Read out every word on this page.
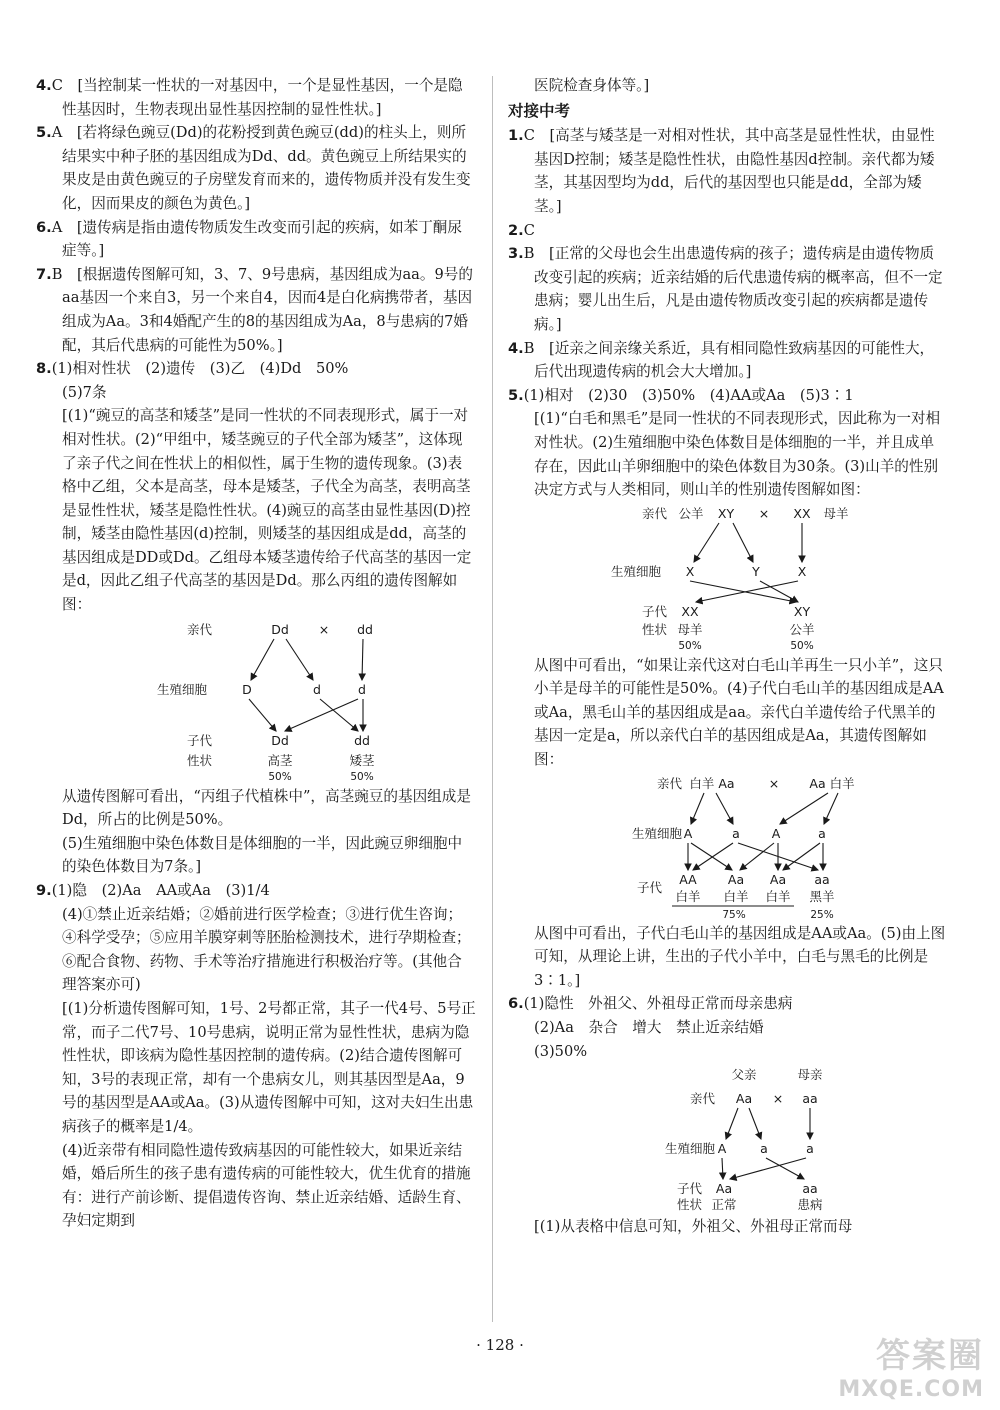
4.C　[当控制某一性状的一对基因中，一个是显性基因，一个是隐性基因时，生物表现出显性基因控制的显性性状。]

5.A　[若将绿色豌豆(Dd)的花粉授到黄色豌豆(dd)的柱头上，则所结果实中种子胚的基因组成为Dd、dd。黄色豌豆上所结果实的果皮是由黄色豌豆的子房壁发育而来的，遗传物质并没有发生变化，因而果皮的颜色为黄色。]

6.A　[遗传病是指由遗传物质发生改变而引起的疾病，如苯丁酮尿症等。]

7.B　[根据遗传图解可知，3、7、9号患病，基因组成为aa。9号的aa基因一个来自3，另一个来自4，因而4是白化病携带者，基因组成为Aa。3和4婚配产生的8的基因组成为Aa，8与患病的7婚配，其后代患病的可能性为50%。]

8.(1)相对性状　(2)遗传　(3)乙　(4)Dd　50%

(5)7条

[(1)“豌豆的高茎和矮茎”是同一性状的不同表现形式，属于一对相对性状。(2)“甲组中，矮茎豌豆的子代全部为矮茎”，这体现了亲子代之间在性状上的相似性，属于生物的遗传现象。(3)表格中乙组，父本是高茎，母本是矮茎，子代全为高茎，表明高茎是显性性状，矮茎是隐性性状。(4)豌豆的高茎由显性基因(D)控制，矮茎由隐性基因(d)控制，则矮茎的基因组成是dd，高茎的基因组成是DD或Dd。乙组母本矮茎遗传给子代高茎的基因一定是d，因此乙组子代高茎的基因是Dd。那么丙组的遗传图解如图：

亲代	Dd × dd
生殖细胞	D	d	d
子代	Dd	dd
性状	高茎	矮茎
50%	50%

从遗传图解可看出，“丙组子代植株中”，高茎豌豆的基因组成是Dd，所占的比例是50%。

(5)生殖细胞中染色体数目是体细胞的一半，因此豌豆卵细胞中的染色体数目为7条。]

9.(1)隐　(2)Aa　AA或Aa　(3)1/4

(4)①禁止近亲结婚；②婚前进行医学检查；③进行优生咨询；④科学受孕；⑤应用羊膜穿刺等胚胎检测技术，进行孕期检查；⑥配合食物、药物、手术等治疗措施进行积极治疗等。(其他合理答案亦可)

[(1)分析遗传图解可知，1号、2号都正常，其子一代4号、5号正常，而子二代7号、10号患病，说明正常为显性性状，患病为隐性性状，即该病为隐性基因控制的遗传病。(2)结合遗传图解可知，3号的表现正常，却有一个患病女儿，则其基因型是Aa，9号的基因型是AA或Aa。(3)从遗传图解中可知，这对夫妇生出患病孩子的概率是1/4。

(4)近亲带有相同隐性遗传致病基因的可能性较大，如果近亲结婚，婚后所生的孩子患有遗传病的可能性较大，优生优育的措施有：进行产前诊断、提倡遗传咨询、禁止近亲结婚、适龄生育、孕妇定期到

医院检查身体等。]

对接中考

1.C　[高茎与矮茎是一对相对性状，其中高茎是显性性状，由显性基因D控制；矮茎是隐性性状，由隐性基因d控制。亲代都为矮茎，其基因型均为dd，后代的基因型也只能是dd，全部为矮茎。]

2.C

3.B　[正常的父母也会生出患遗传病的孩子；遗传病是由遗传物质改变引起的疾病；近亲结婚的后代患遗传病的概率高，但不一定患病；婴儿出生后，凡是由遗传物质改变引起的疾病都是遗传病。]

4.B　[近亲之间亲缘关系近，具有相同隐性致病基因的可能性大，后代出现遗传病的机会大大增加。]

5.(1)相对　(2)30　(3)50%　(4)AA或Aa　(5)3∶1

[(1)“白毛和黑毛”是同一性状的不同表现形式，因此称为一对相对性状。(2)生殖细胞中染色体数目是体细胞的一半，并且成单存在，因此山羊卵细胞中的染色体数目为30条。(3)山羊的性别决定方式与人类相同，则山羊的性别遗传图解如图：

亲代 公羊 XY × XX 母羊
生殖细胞 X	Y	X
子代 XX	XY
性状 母羊	公羊
50%	50%

从图中可看出，“如果让亲代这对白毛山羊再生一只小羊”，这只小羊是母羊的可能性是50%。(4)子代白毛山羊的基因组成是AA或Aa，黑毛山羊的基因组成是aa。亲代白羊遗传给子代黑羊的基因一定是a，所以亲代白羊的基因组成是Aa，其遗传图解如图：

亲代 白羊 Aa	× Aa 白羊
生殖细胞 A	a	A	a
子代
AA Aa Aa aa
白羊 白羊 白羊 黑羊
75%	25%

从图中可看出，子代白毛山羊的基因组成是AA或Aa。(5)由上图可知，从理论上讲，生出的子代小羊中，白毛与黑毛的比例是3∶1。]

6.(1)隐性　外祖父、外祖母正常而母亲患病

(2)Aa　杂合　增大　禁止近亲结婚

(3)50%

父亲	母亲
亲代 Aa × aa
生殖细胞 A	a	a
子代 Aa	aa
性状 正常	患病

[(1)从表格中信息可知，外祖父、外祖母正常而母

· 128 ·	答案圈
MXQE.COM
